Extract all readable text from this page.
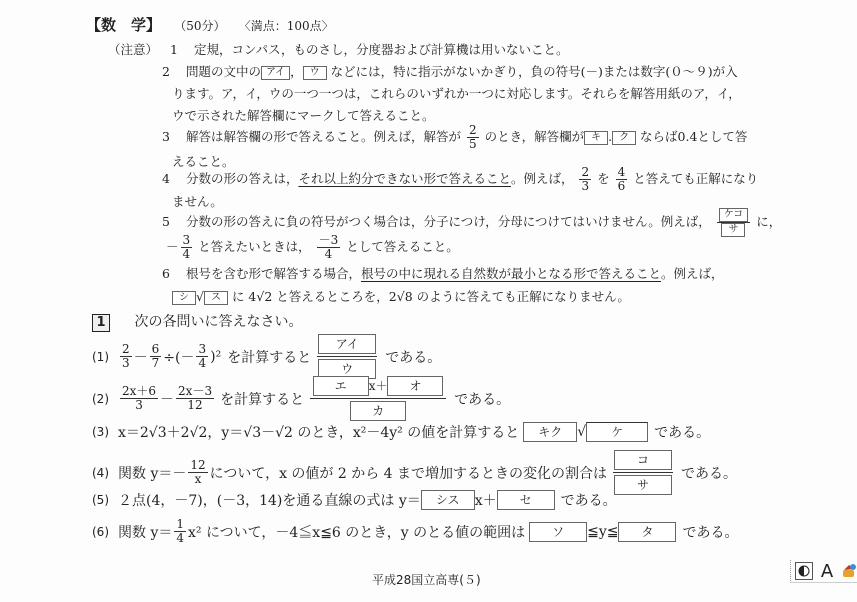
【数　学】 （50分） 〈満点：100点〉
（注意） 1 定規，コンパス，ものさし，分度器および計算機は用いないこと。
2 問題の文中の アイ ， ウ などには，特に指示がないかぎり，負の符号(－)または数字(０～９)が入
ります。ア，イ，ウの一つ一つは，これらのいずれか一つに対応します。それらを解答用紙のア，イ，
ウで示された解答欄にマークして答えること。
3 解答は解答欄の形で答えること。例えば，解答が $\frac{2}{5}$ のとき，解答欄が キ . ク ならば0.4として答
えること。
4 分数の形の答えは，それ以上約分できない形で答えること。例えば， $\frac{2}{3}$ を $\frac{4}{6}$ と答えても正解になり
ません。
5 分数の形の答えに負の符号がつく場合は，分子につけ，分母につけてはいけません。例えば， $\frac{\text{ケコ}}{\text{サ}}$ に，
－ $\frac{3}{4}$ と答えたいときは， $\frac{-3}{4}$ として答えること。
6 根号を含む形で解答する場合，根号の中に現れる自然数が最小となる形で答えること。例えば，
シ √ ス に 4√2 と答えるところを，2√8 のように答えても正解になりません。
1 次の各問いに答えなさい。
$(1) \frac{2}{3} - \frac{6}{7}$ ÷(－ $\frac{3}{4} )^2$ を計算すると $\frac{\text{アイ}}{\text{ウ}}$ である。
$(2) \frac{2x+6}{3} - \frac{2x-3}{12}$ を計算すると エ	x＋	オ
カ である。
(3) x＝2√3＋2√2，y＝√3－√2 のとき，x²－4y² の値を計算すると	キク	√	ケ	である。
(4) 関数 $y=- \frac{12}{x}$ について，x の値が 2 から 4 まで増加するときの変化の割合は $\frac{\text{コ}}{\text{サ}}$ である。
(5) ２点(4，－7)，(－3，14)を通る直線の式は y＝	シス	x＋	セ	である。
(6) 関数 $y= \frac{1}{4} x^2$ について，－4≦x≦6 のとき，y のとる値の範囲は	ソ	≦y≦	タ	である。
平成28国立高専(５)	A
